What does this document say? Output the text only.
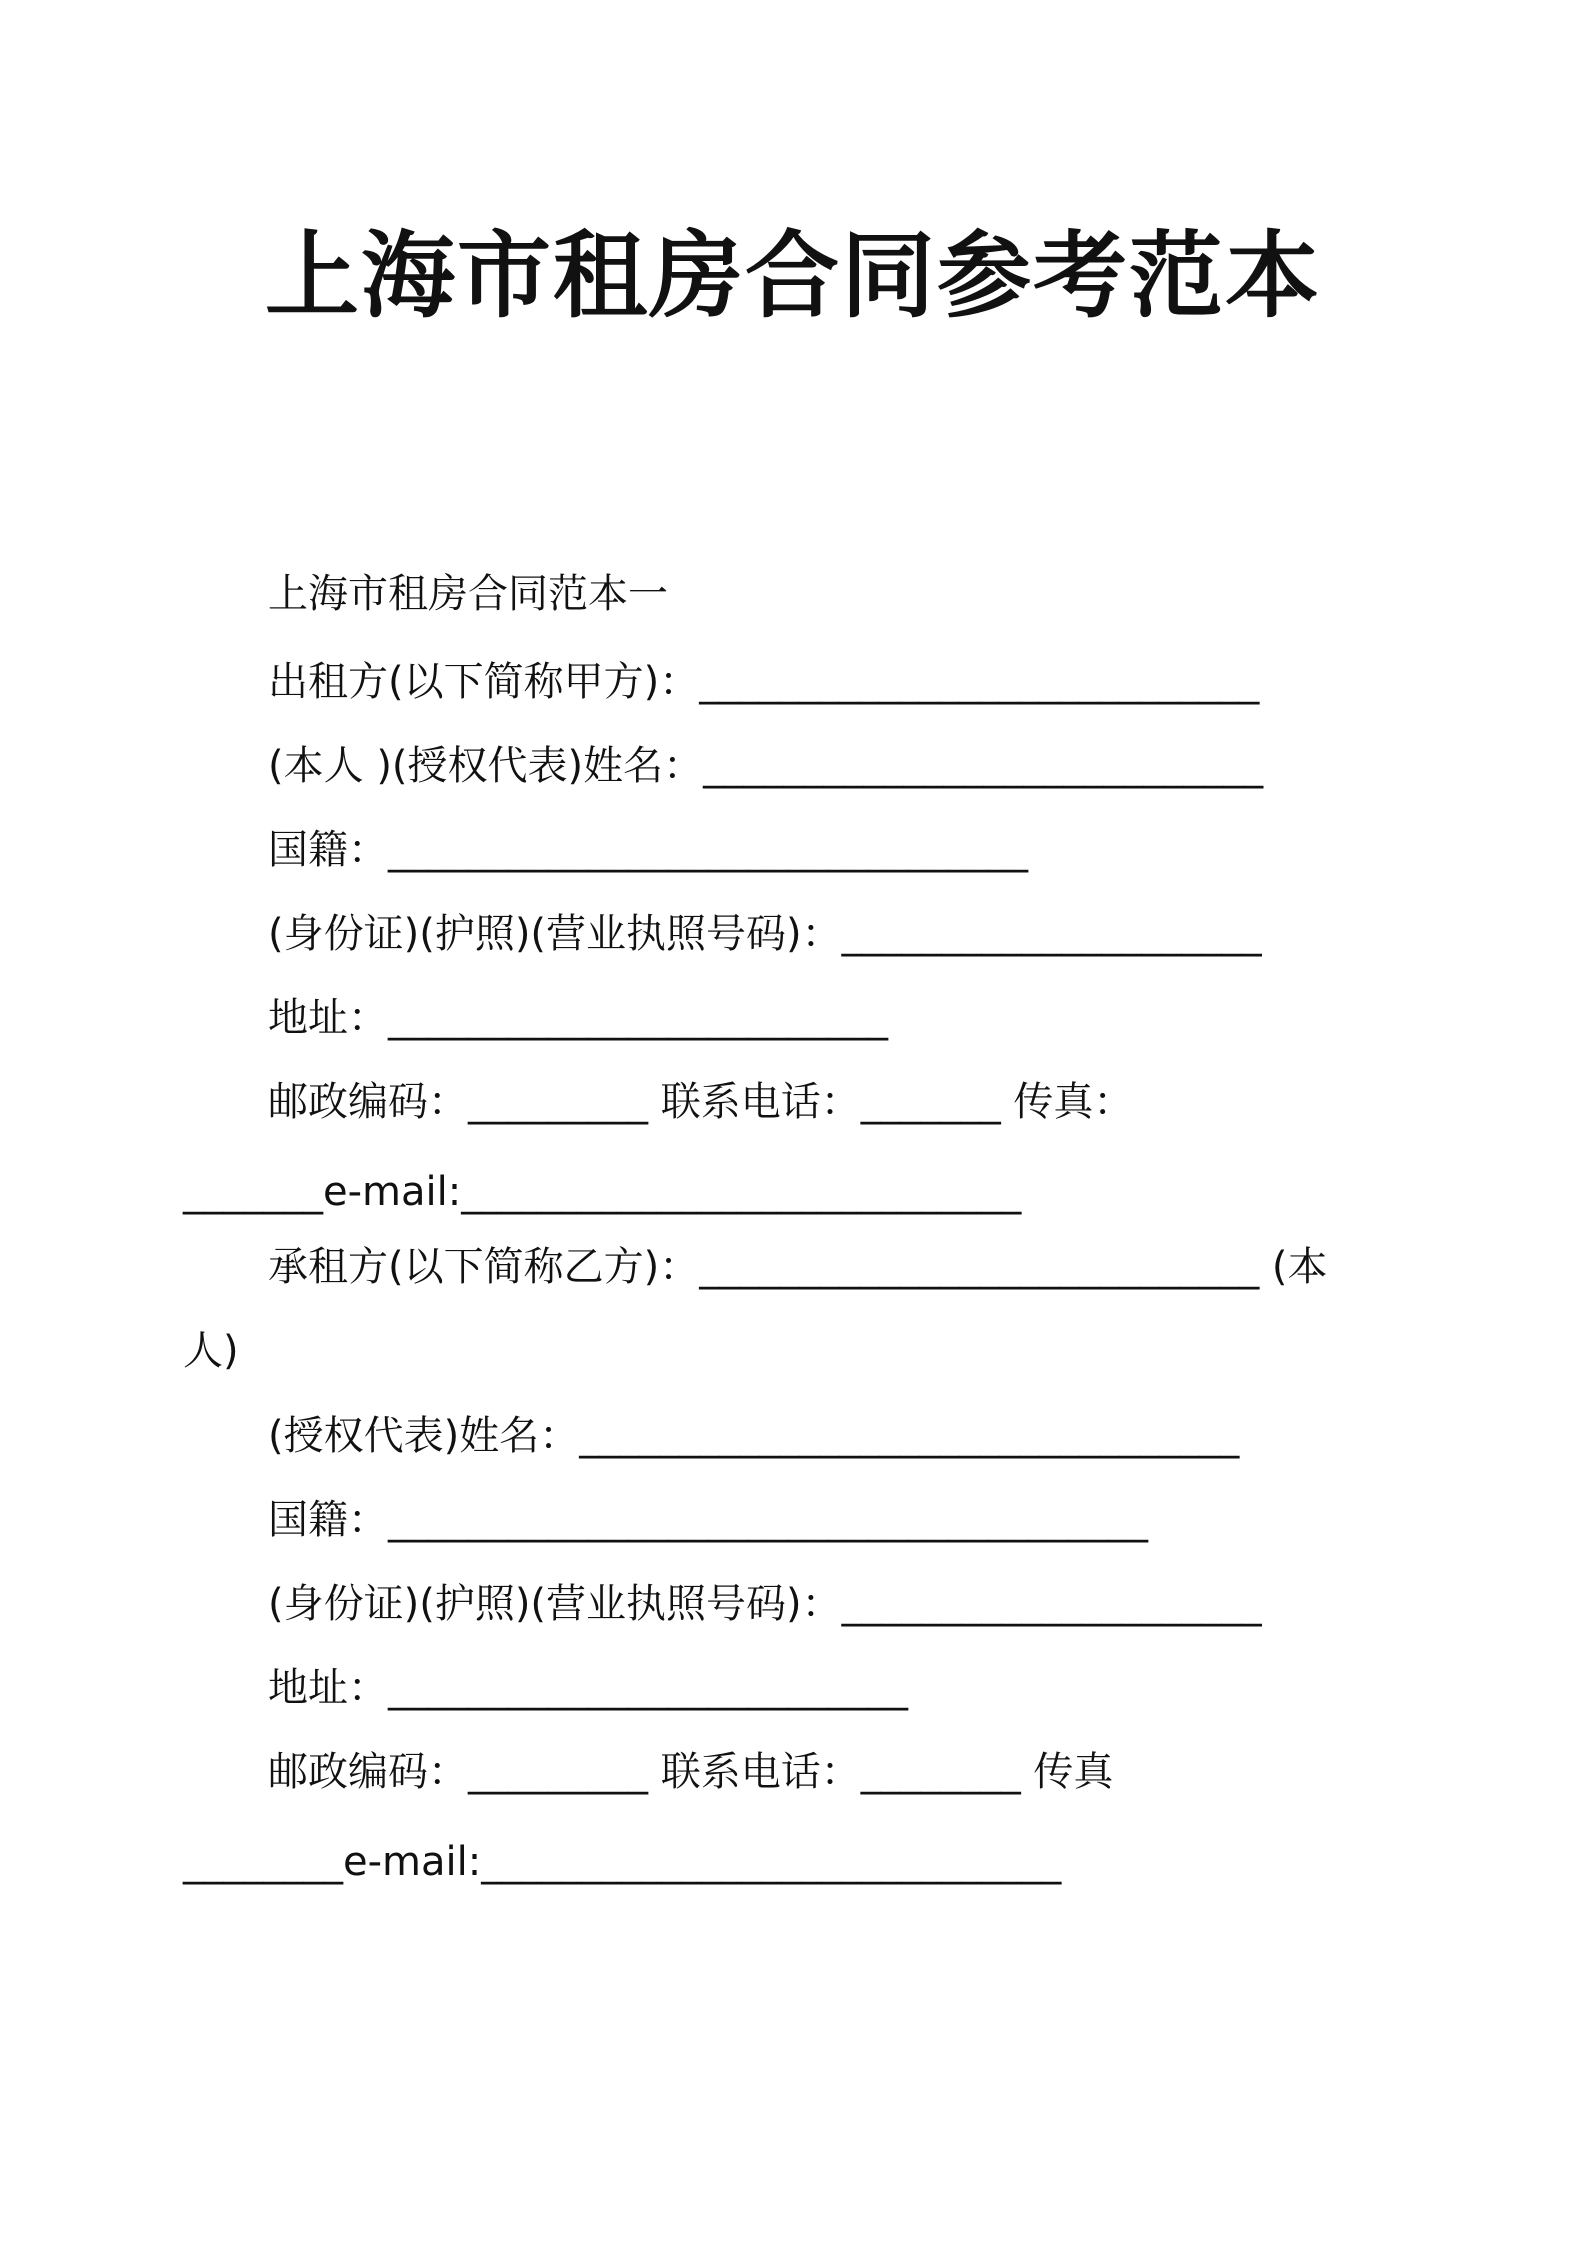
上海市租房合同参考范本
上海市租房合同范本一
出租方(以下简称甲方)：____________________________
(本人 )(授权代表)姓名：____________________________
国籍：________________________________
(身份证)(护照)(营业执照号码)：_____________________
地址：_________________________
邮政编码：_________ 联系电话：_______ 传真：
_______e-mail:____________________________
承租方(以下简称乙方)：____________________________ (本
人)
(授权代表)姓名：_________________________________
国籍：______________________________________
(身份证)(护照)(营业执照号码)：_____________________
地址：__________________________
邮政编码：_________ 联系电话：________ 传真
________e-mail:_____________________________
